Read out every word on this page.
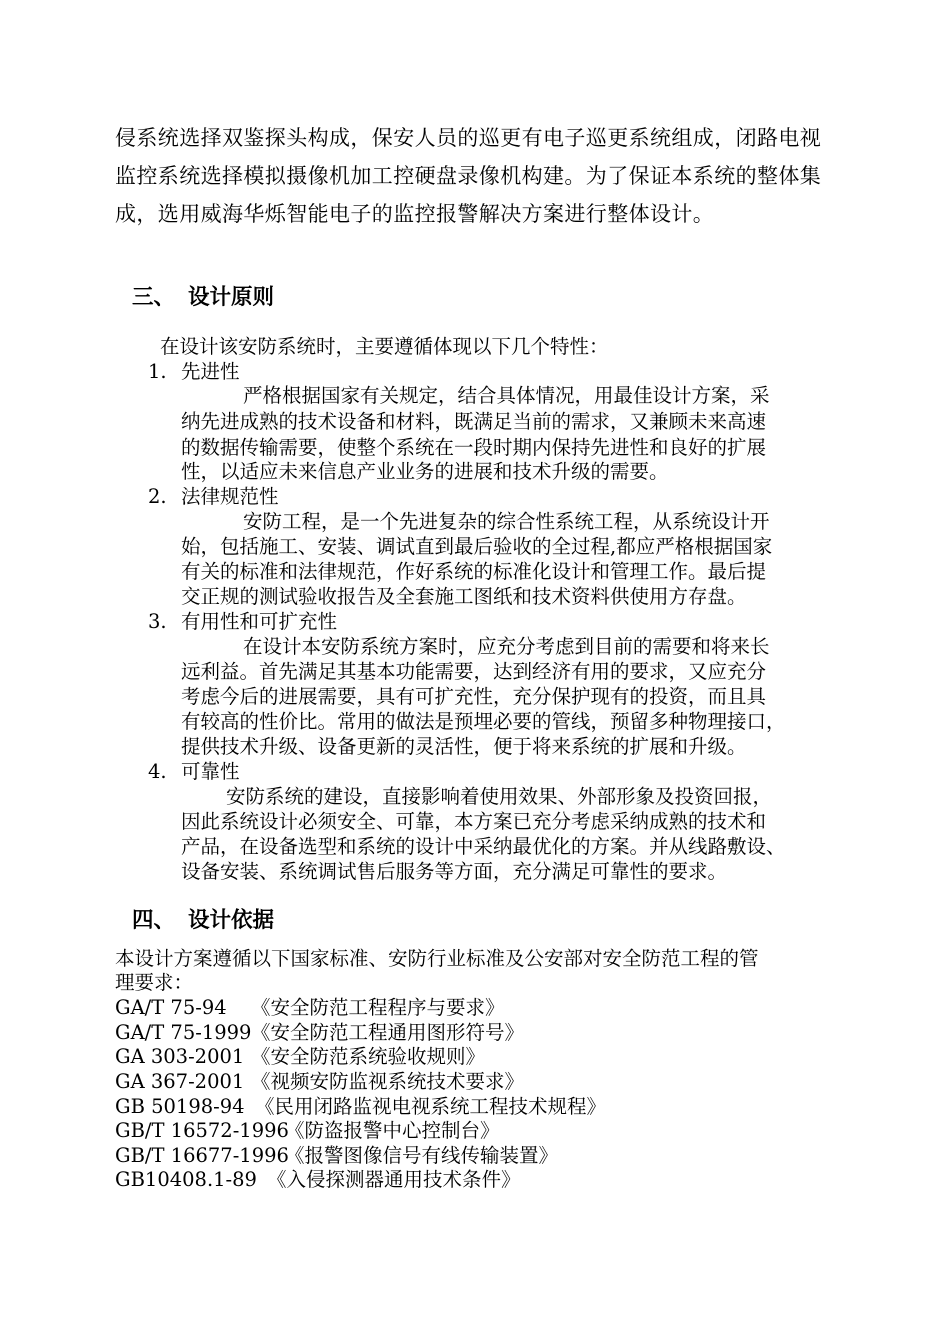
侵系统选择双鉴探头构成，保安人员的巡更有电子巡更系统组成，闭路电视
监控系统选择模拟摄像机加工控硬盘录像机构建。为了保证本系统的整体集
成，选用威海华烁智能电子的监控报警解决方案进行整体设计。
三、 设计原则
在设计该安防系统时，主要遵循体现以下几个特性：
1. 先进性
严格根据国家有关规定，结合具体情况，用最佳设计方案，采
纳先进成熟的技术设备和材料，既满足当前的需求，又兼顾未来高速
的数据传输需要，使整个系统在一段时期内保持先进性和良好的扩展
性，以适应未来信息产业业务的进展和技术升级的需要。
2. 法律规范性
安防工程，是一个先进复杂的综合性系统工程，从系统设计开
始，包括施工、安装、调试直到最后验收的全过程,都应严格根据国家
有关的标准和法律规范，作好系统的标准化设计和管理工作。最后提
交正规的测试验收报告及全套施工图纸和技术资料供使用方存盘。
3. 有用性和可扩充性
在设计本安防系统方案时，应充分考虑到目前的需要和将来长
远利益。首先满足其基本功能需要，达到经济有用的要求，又应充分
考虑今后的进展需要，具有可扩充性，充分保护现有的投资，而且具
有较高的性价比。常用的做法是预埋必要的管线，预留多种物理接口，
提供技术升级、设备更新的灵活性，便于将来系统的扩展和升级。
4. 可靠性
安防系统的建设，直接影响着使用效果、外部形象及投资回报，
因此系统设计必须安全、可靠，本方案已充分考虑采纳成熟的技术和
产品，在设备选型和系统的设计中采纳最优化的方案。并从线路敷设、
设备安装、系统调试售后服务等方面，充分满足可靠性的要求。
四、 设计依据
本设计方案遵循以下国家标准、安防行业标准及公安部对安全防范工程的管
理要求：
GA/T 75-94 《安全防范工程程序与要求》
GA/T 75-1999《安全防范工程通用图形符号》
GA 303-2001 《安全防范系统验收规则》
GA 367-2001 《视频安防监视系统技术要求》
GB 50198-94 《民用闭路监视电视系统工程技术规程》
GB/T 16572-1996《防盗报警中心控制台》
GB/T 16677-1996《报警图像信号有线传输装置》
GB10408.1-89 《入侵探测器通用技术条件》
